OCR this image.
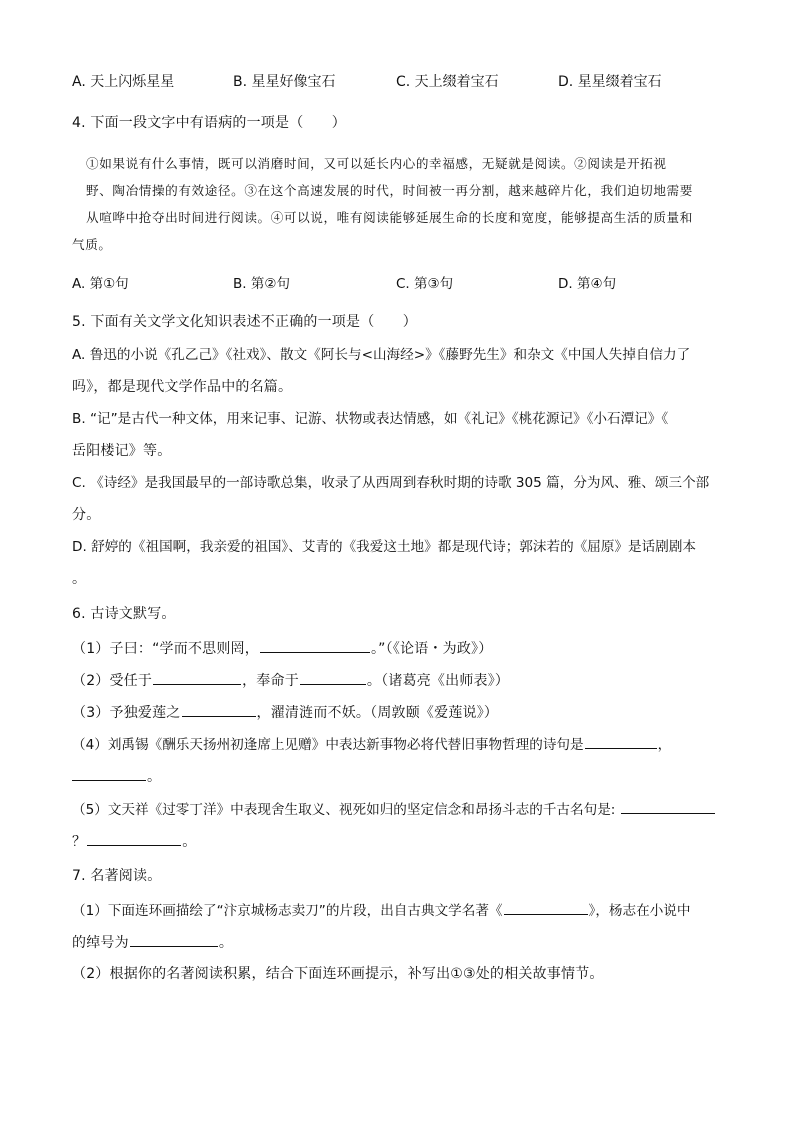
A. 天上闪烁星星	B. 星星好像宝石	C. 天上缀着宝石	D. 星星缀着宝石
4. 下面一段文字中有语病的一项是（　　）
①如果说有什么事情，既可以消磨时间，又可以延长内心的幸福感，无疑就是阅读。②阅读是开拓视
野、陶冶情操的有效途径。③在这个高速发展的时代，时间被一再分割，越来越碎片化，我们迫切地需要
从喧哗中抢夺出时间进行阅读。④可以说，唯有阅读能够延展生命的长度和宽度，能够提高生活的质量和
气质。
A. 第①句	B. 第②句	C. 第③句	D. 第④句
5. 下面有关文学文化知识表述不正确的一项是（　　）
A. 鲁迅的小说《孔乙己》《社戏》、散文《阿长与<山海经>》《藤野先生》和杂文《中国人失掉自信力了
吗》，都是现代文学作品中的名篇。
B. “记”是古代一种文体，用来记事、记游、状物或表达情感，如《礼记》《桃花源记》《小石潭记》《
岳阳楼记》等。
C. 《诗经》是我国最早的一部诗歌总集，收录了从西周到春秋时期的诗歌 305 篇，分为风、雅、颂三个部
分。
D. 舒婷的《祖国啊，我亲爱的祖国》、艾青的《我爱这土地》都是现代诗；郭沫若的《屈原》是话剧剧本
。
6. 古诗文默写。
（1）子曰：“学而不思则罔，	。”（《论语・为政》）
（2）受任于	，奉命于	。（诸葛亮《出师表》）
（3）予独爱莲之	，濯清涟而不妖。（周敦颐《爱莲说》）
（4）刘禹锡《酬乐天扬州初逢席上见赠》中表达新事物必将代替旧事物哲理的诗句是	，
。
（5）文天祥《过零丁洋》中表现舍生取义、视死如归的坚定信念和昂扬斗志的千古名句是:
？	。
7. 名著阅读。
（1）下面连环画描绘了“汴京城杨志卖刀”的片段，出自古典文学名著《	》，杨志在小说中
的绰号为	。
（2）根据你的名著阅读积累，结合下面连环画提示，补写出①③处的相关故事情节。
